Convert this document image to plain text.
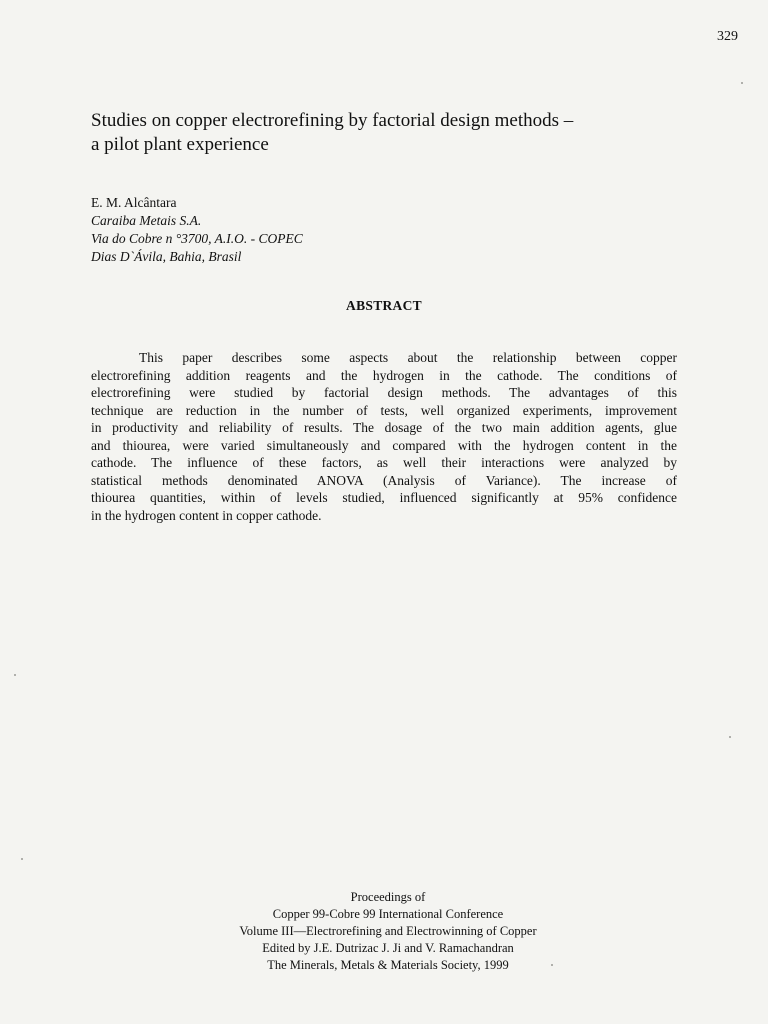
329
Studies on copper electrorefining by factorial design methods –
a pilot plant experience
E. M. Alcântara
Caraiba Metais S.A.
Via do Cobre n °3700, A.I.O. - COPEC
Dias D`Ávila, Bahia, Brasil
ABSTRACT
This paper describes some aspects about the relationship between copper
electrorefining addition reagents and the hydrogen in the cathode. The conditions of
electrorefining were studied by factorial design methods. The advantages of this
technique are reduction in the number of tests, well organized experiments, improvement
in productivity and reliability of results. The dosage of the two main addition agents, glue
and thiourea, were varied simultaneously and compared with the hydrogen content in the
cathode. The influence of these factors, as well their interactions were analyzed by
statistical methods denominated ANOVA (Analysis of Variance). The increase of
thiourea quantities, within of levels studied, influenced significantly at 95% confidence
in the hydrogen content in copper cathode.
Proceedings of
Copper 99-Cobre 99 International Conference
Volume III—Electrorefining and Electrowinning of Copper
Edited by J.E. Dutrizac J. Ji and V. Ramachandran
The Minerals, Metals & Materials Society, 1999
